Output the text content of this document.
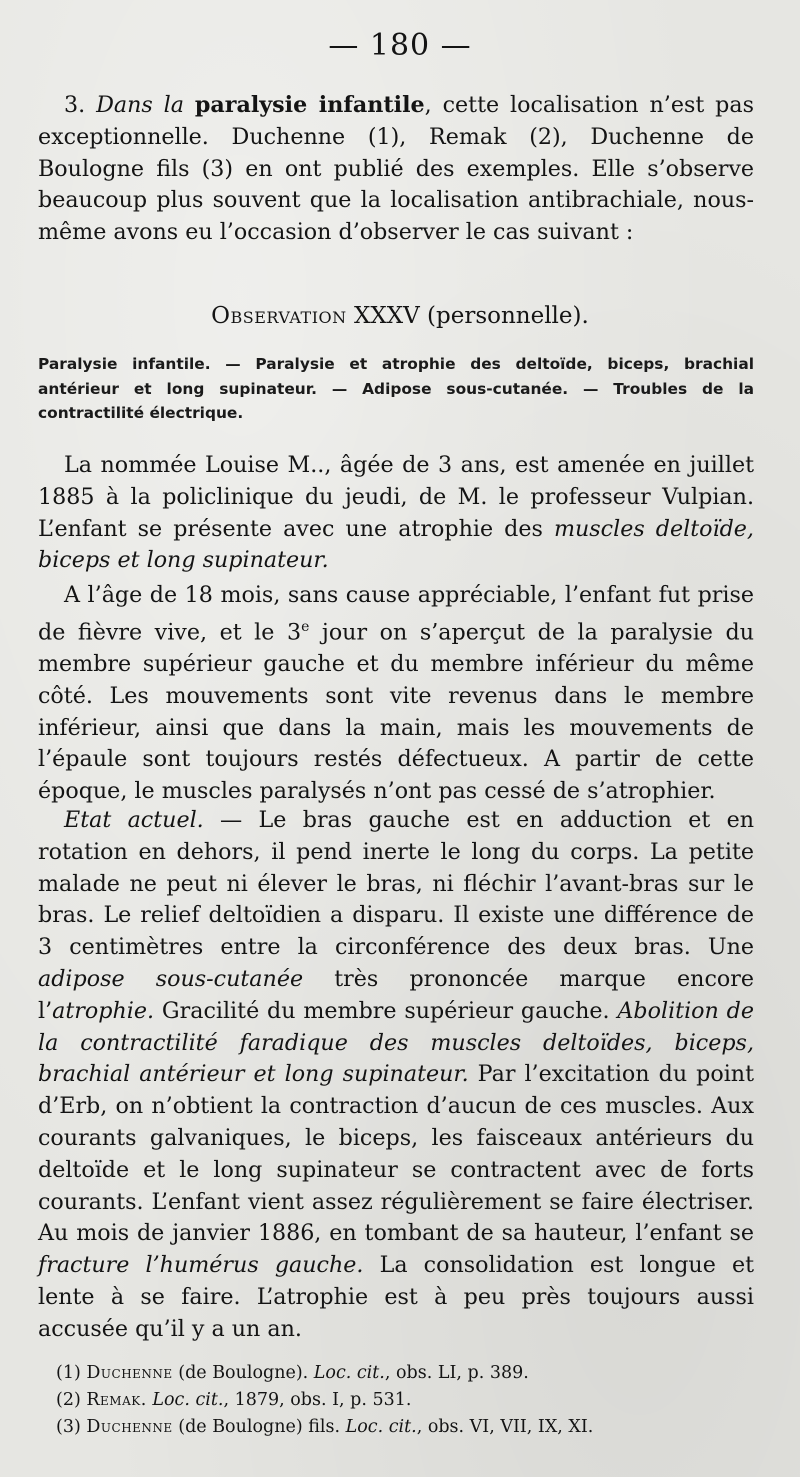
— 180 —

3. Dans la paralysie infantile, cette localisation n’est pas exceptionnelle. Duchenne (1), Remak (2), Duchenne de Boulogne fils (3) en ont publié des exemples. Elle s’observe beaucoup plus souvent que la localisation antibrachiale, nous-même avons eu l’occasion d’observer le cas suivant :

Observation XXXV (personnelle).
Paralysie infantile. — Paralysie et atrophie des deltoïde, biceps, brachial antérieur et long supinateur. — Adipose sous-cutanée. — Troubles de la contractilité électrique.

La nommée Louise M.., âgée de 3 ans, est amenée en juillet 1885 à la policlinique du jeudi, de M. le professeur Vulpian. L’enfant se présente avec une atrophie des muscles deltoïde, biceps et long supinateur.

A l’âge de 18 mois, sans cause appréciable, l’enfant fut prise de fièvre vive, et le 3e jour on s’aperçut de la paralysie du membre supérieur gauche et du membre inférieur du même côté. Les mouvements sont vite revenus dans le membre inférieur, ainsi que dans la main, mais les mouvements de l’épaule sont toujours restés défectueux. A partir de cette époque, le muscles paralysés n’ont pas cessé de s’atrophier.

Etat actuel. — Le bras gauche est en adduction et en rotation en dehors, il pend inerte le long du corps. La petite malade ne peut ni élever le bras, ni fléchir l’avant-bras sur le bras. Le relief deltoïdien a disparu. Il existe une différence de 3 centimètres entre la circonférence des deux bras. Une adipose sous-cutanée très prononcée marque encore l’atrophie. Gracilité du membre supérieur gauche. Abolition de la contractilité faradique des muscles deltoïdes, biceps, brachial antérieur et long supinateur. Par l’excitation du point d’Erb, on n’obtient la contraction d’aucun de ces muscles. Aux courants galvaniques, le biceps, les faisceaux antérieurs du deltoïde et le long supinateur se contractent avec de forts courants. L’enfant vient assez régulièrement se faire électriser. Au mois de janvier 1886, en tombant de sa hauteur, l’enfant se fracture l’humérus gauche. La consolidation est longue et lente à se faire. L’atrophie est à peu près toujours aussi accusée qu’il y a un an.

(1) Duchenne (de Boulogne). Loc. cit., obs. LI, p. 389.
(2) Remak. Loc. cit., 1879, obs. I, p. 531.
(3) Duchenne (de Boulogne) fils. Loc. cit., obs. VI, VII, IX, XI.
